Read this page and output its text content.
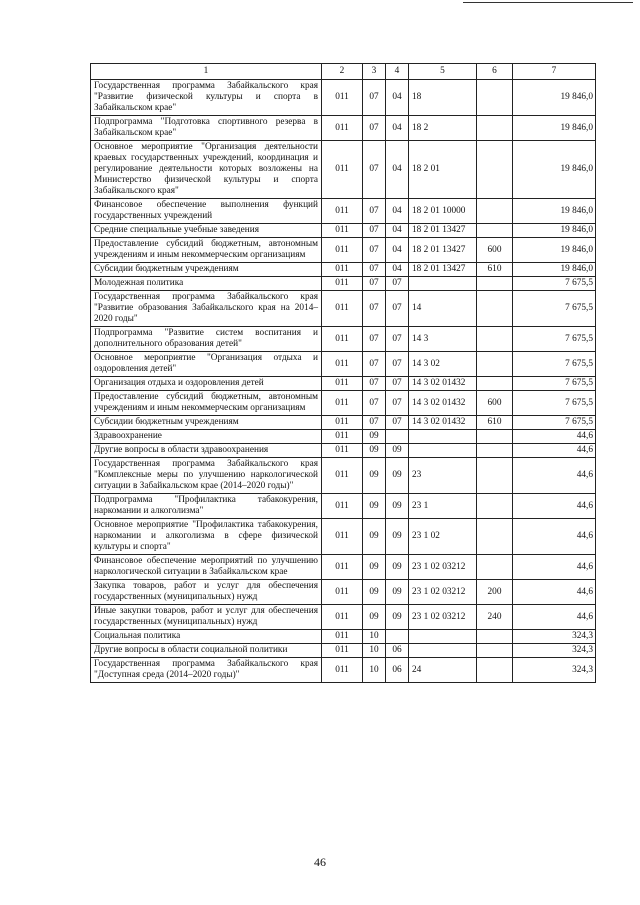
1	2	3	4	5	6	7
Государственная программа Забайкальского края "Развитие физической культуры и спорта в Забайкальском крае"	011	07	04	18		19 846,0
Подпрограмма "Подготовка спортивного резерва в Забайкальском крае"	011	07	04	18 2		19 846,0
Основное мероприятие "Организация деятельности краевых государственных учреждений, координация и регулирование деятельности которых возложены на Министерство физической культуры и спорта Забайкальского края"	011	07	04	18 2 01		19 846,0
Финансовое обеспечение выполнения функций государственных учреждений	011	07	04	18 2 01 10000		19 846,0
Средние специальные учебные заведения	011	07	04	18 2 01 13427		19 846,0
Предоставление субсидий бюджетным, автономным учреждениям и иным некоммерческим организациям	011	07	04	18 2 01 13427	600	19 846,0
Субсидии бюджетным учреждениям	011	07	04	18 2 01 13427	610	19 846,0
Молодежная политика	011	07	07			7 675,5
Государственная программа Забайкальского края "Развитие образования Забайкальского края на 2014–2020 годы"	011	07	07	14		7 675,5
Подпрограмма "Развитие систем воспитания и дополнительного образования детей"	011	07	07	14 3		7 675,5
Основное мероприятие "Организация отдыха и оздоровления детей"	011	07	07	14 3 02		7 675,5
Организация отдыха и оздоровления детей	011	07	07	14 3 02 01432		7 675,5
Предоставление субсидий бюджетным, автономным учреждениям и иным некоммерческим организациям	011	07	07	14 3 02 01432	600	7 675,5
Субсидии бюджетным учреждениям	011	07	07	14 3 02 01432	610	7 675,5
Здравоохранение	011	09				44,6
Другие вопросы в области здравоохранения	011	09	09			44,6
Государственная программа Забайкальского края "Комплексные меры по улучшению наркологической ситуации в Забайкальском крае (2014–2020 годы)"	011	09	09	23		44,6
Подпрограмма "Профилактика табакокурения, наркомании и алкоголизма"	011	09	09	23 1		44,6
Основное мероприятие "Профилактика табакокурения, наркомании и алкоголизма в сфере физической культуры и спорта"	011	09	09	23 1 02		44,6
Финансовое обеспечение мероприятий по улучшению наркологической ситуации в Забайкальском крае	011	09	09	23 1 02 03212		44,6
Закупка товаров, работ и услуг для обеспечения государственных (муниципальных) нужд	011	09	09	23 1 02 03212	200	44,6
Иные закупки товаров, работ и услуг для обеспечения государственных (муниципальных) нужд	011	09	09	23 1 02 03212	240	44,6
Социальная политика	011	10				324,3
Другие вопросы в области социальной политики	011	10	06			324,3
Государственная программа Забайкальского края "Доступная среда (2014–2020 годы)"	011	10	06	24		324,3
46
